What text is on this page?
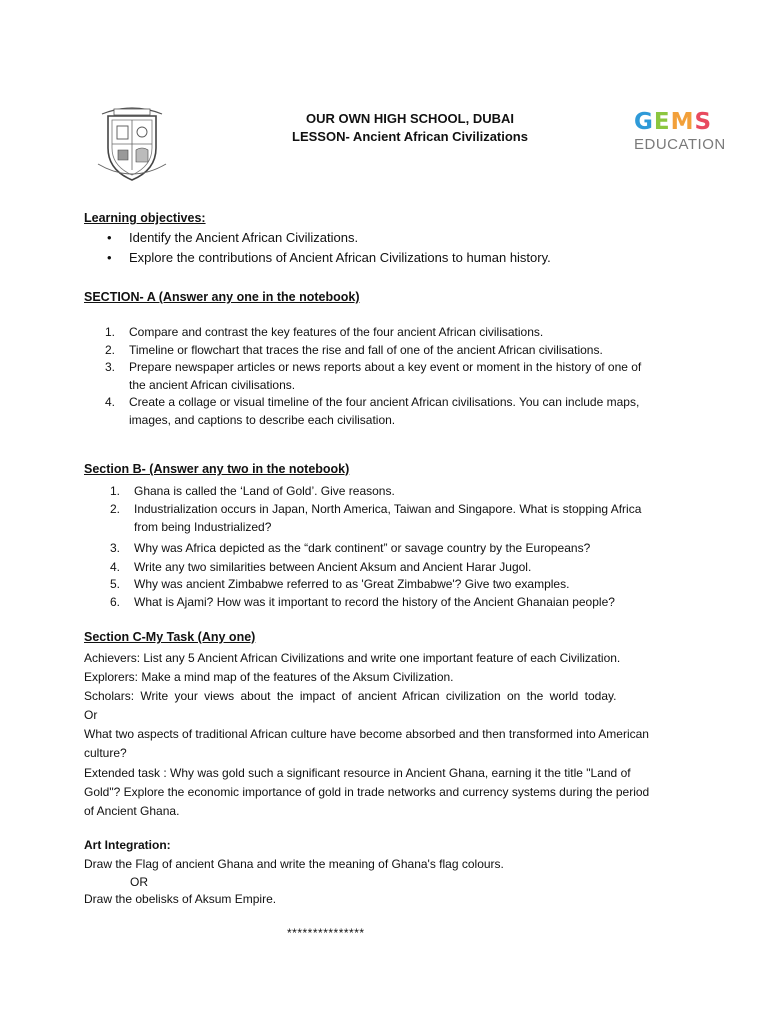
OUR OWN HIGH SCHOOL, DUBAI
LESSON- Ancient African Civilizations
GEMS
EDUCATION
Learning objectives:
• Identify the Ancient African Civilizations.
• Explore the contributions of Ancient African Civilizations to human history.
SECTION- A (Answer any one in the notebook)
1.	Compare and contrast the key features of the four ancient African civilisations.
2.	Timeline or flowchart that traces the rise and fall of one of the ancient African civilisations.
3.	Prepare newspaper articles or news reports about a key event or moment in the history of one of
the ancient African civilisations.
4.	Create a collage or visual timeline of the four ancient African civilisations. You can include maps,
images, and captions to describe each civilisation.
Section B- (Answer any two in the notebook)
1.	Ghana is called the ‘Land of Gold’. Give reasons.
2.	Industrialization occurs in Japan, North America, Taiwan and Singapore. What is stopping Africa
from being Industrialized?
3.	Why was Africa depicted as the “dark continent” or savage country by the Europeans?
4.	Write any two similarities between Ancient Aksum and Ancient Harar Jugol.
5.	Why was ancient Zimbabwe referred to as 'Great Zimbabwe'? Give two examples.
6.	What is Ajami? How was it important to record the history of the Ancient Ghanaian people?
Section C-My Task (Any one)
Achievers: List any 5 Ancient African Civilizations and write one important feature of each Civilization.
Explorers: Make a mind map of the features of the Aksum Civilization.
Scholars: Write your views about the impact of ancient African civilization on the world today.
Or
What two aspects of traditional African culture have become absorbed and then transformed into American
culture?
Extended task : Why was gold such a significant resource in Ancient Ghana, earning it the title "Land of
Gold"? Explore the economic importance of gold in trade networks and currency systems during the period
of Ancient Ghana.
Art Integration:
Draw the Flag of ancient Ghana and write the meaning of Ghana's flag colours.
OR
Draw the obelisks of Aksum Empire.
***************
